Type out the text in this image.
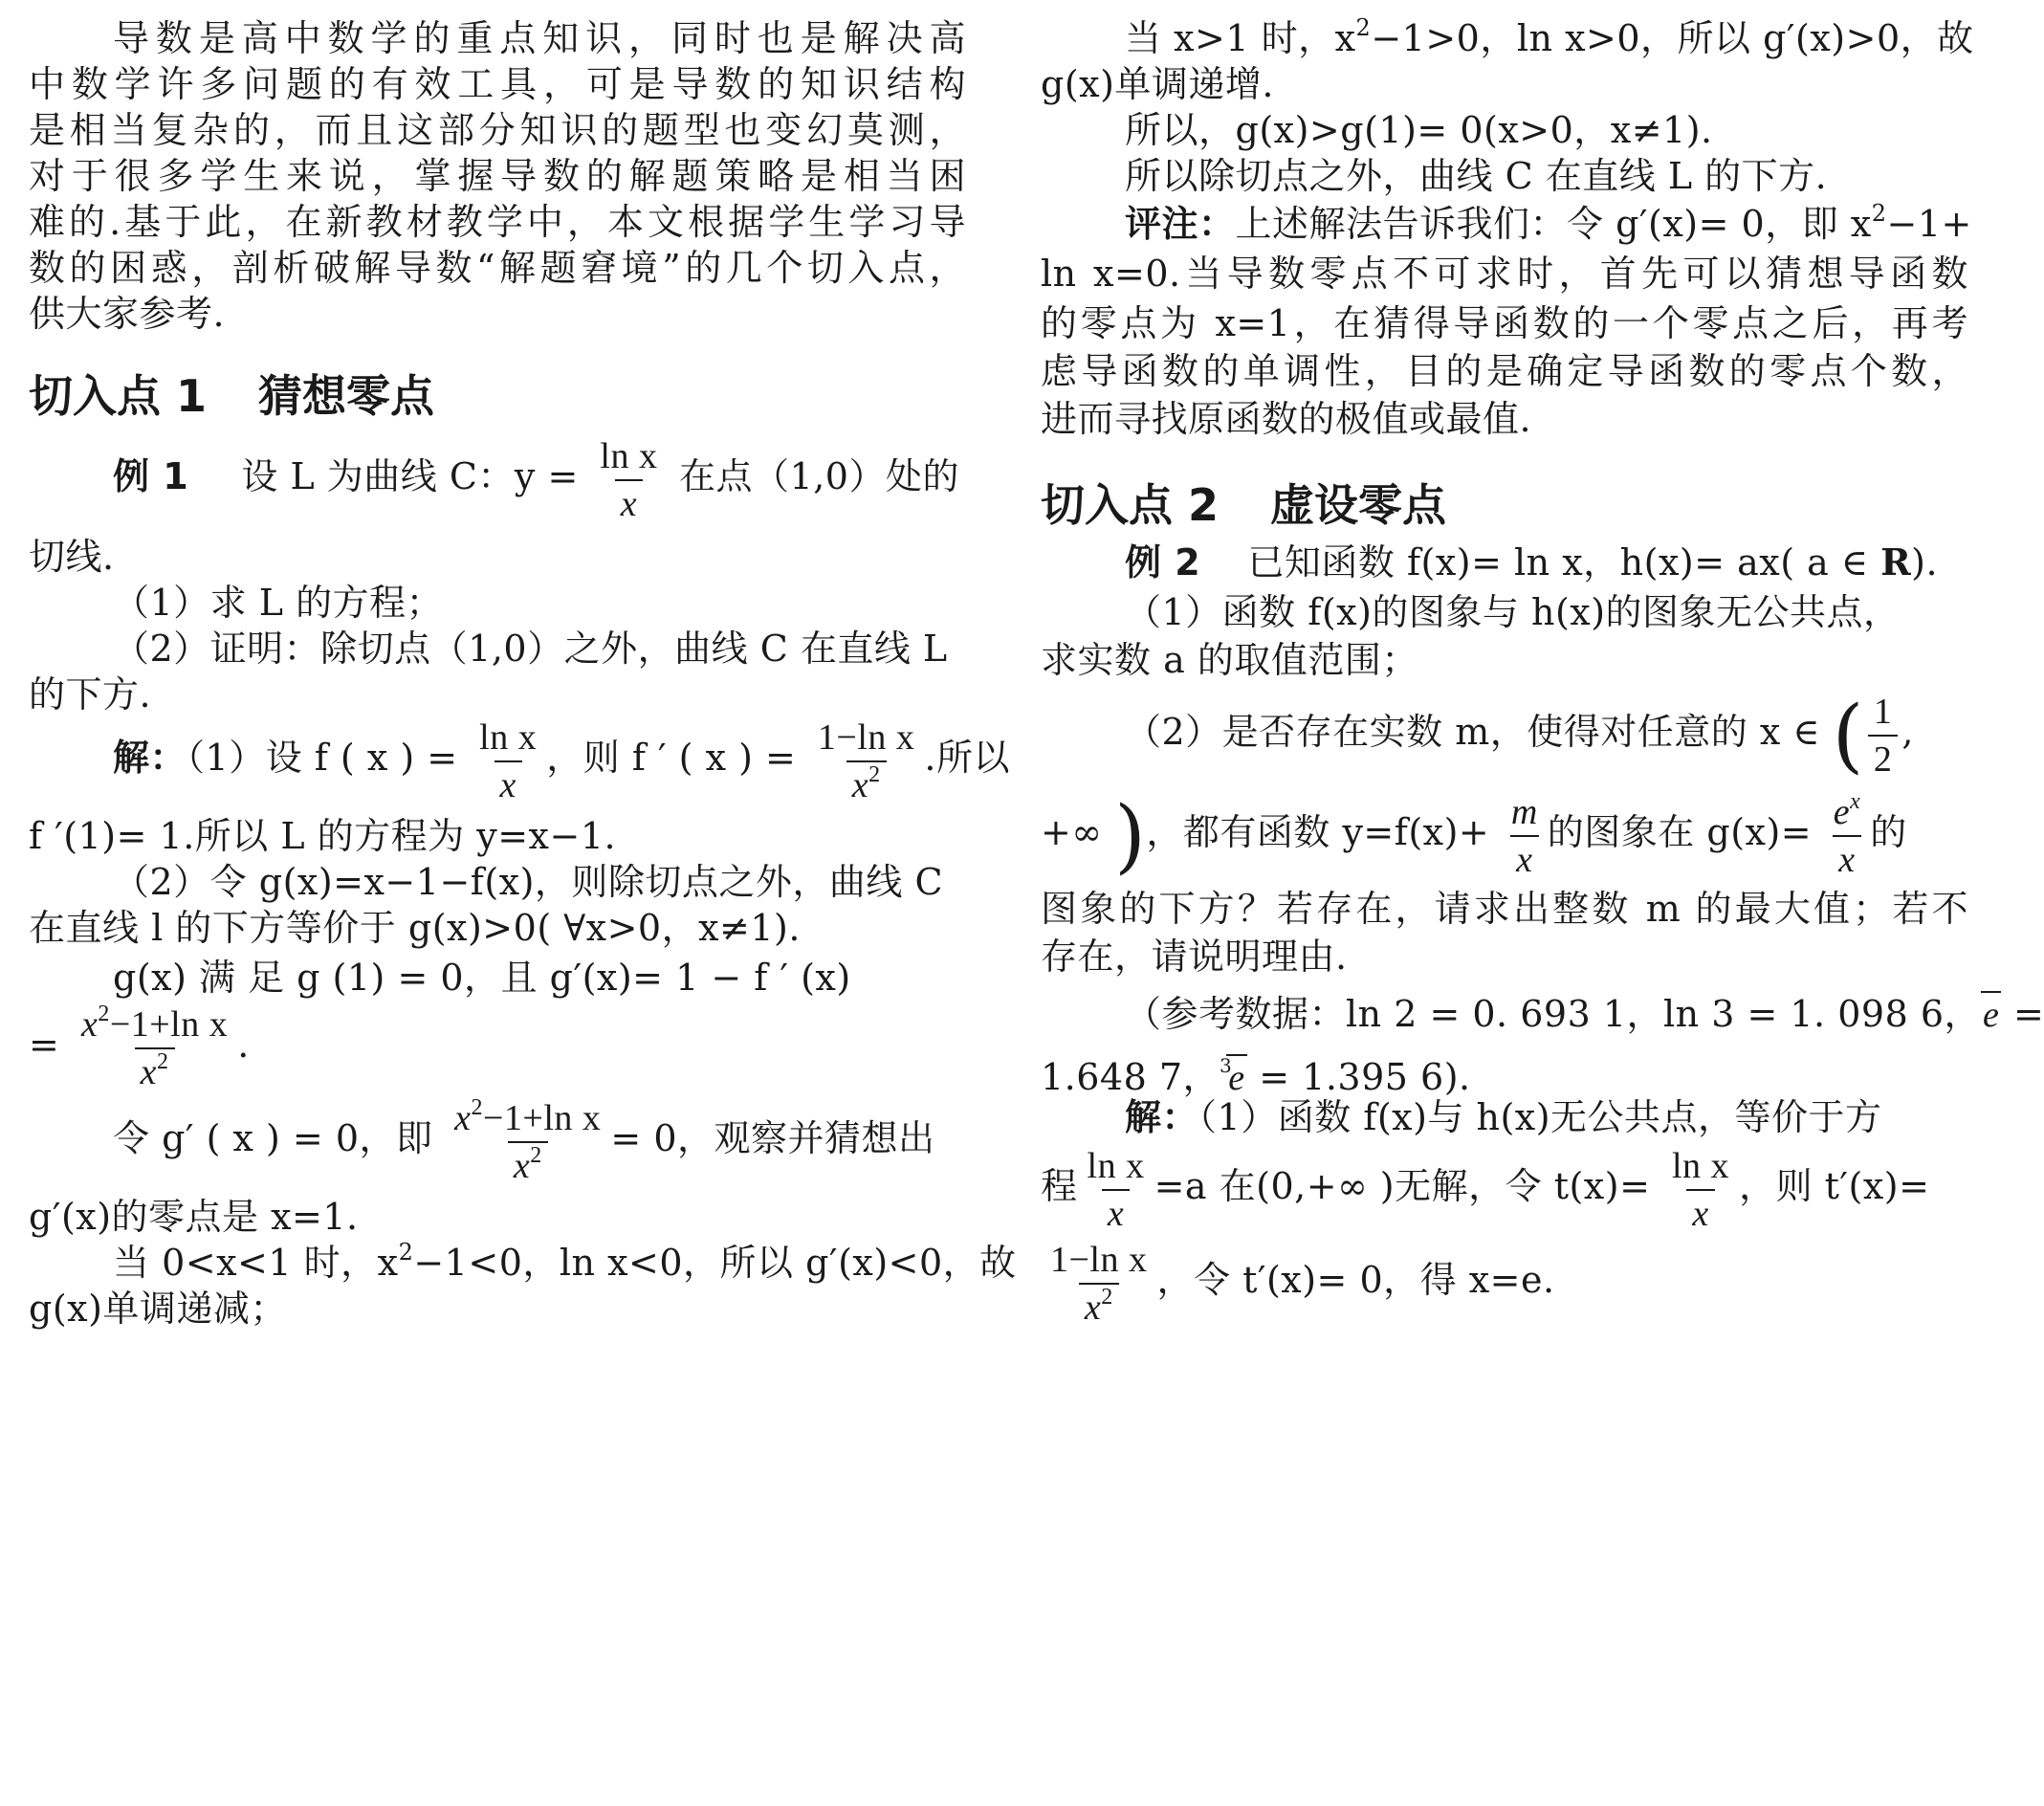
导数是高中数学的重点知识，同时也是解决高
中数学许多问题的有效工具，可是导数的知识结构
是相当复杂的，而且这部分知识的题型也变幻莫测，
对于很多学生来说，掌握导数的解题策略是相当困
难的.基于此，在新教材教学中，本文根据学生学习导
数的困惑，剖析破解导数“解题窘境”的几个切入点，
供大家参考.
切入点 1 猜想零点
例 1 设 L 为曲线 C：$y = \frac{\text{ln x}}{x}$ 在点（1,0）处的
切线.
（1）求 L 的方程；
（2）证明：除切点（1,0）之外，曲线 C 在直线 L
的下方.
解：（1）设 f ( x ) = $\frac{\text{ln x}}{x}$ ，则 f ′ ( x ) = $\frac{\text{1−ln x}}{x^2}$ .所以
f ′(1)= 1.所以 L 的方程为 y=x−1.
（2）令 g(x)=x−1−f(x)，则除切点之外，曲线 C
在直线 l 的下方等价于 g(x)>0( ∀x>0，x≠1).
g(x) 满 足 g (1) = 0，且 g′(x)= 1 − f ′ (x)
= $\frac{x^2-1+\ln x}{x^2}$ .
令 g′ ( x ) = 0，即 $\frac{x^2-1+\ln x}{x^2} = 0$，观察并猜想出
g′(x)的零点是 x=1.
当 0<x<1 时，$x^2-1<0$，ln x<0，所以 g′(x)<0，故
g(x)单调递减；
当 x>1 时，$x^2-1>0$，ln x>0，所以 g′(x)>0，故
g(x)单调递增.
所以，g(x)>g(1)= 0(x>0，x≠1).
所以除切点之外，曲线 C 在直线 L 的下方.
评注：上述解法告诉我们：令 g′(x)= 0，即 $x^2-1+$
ln x=0.当导数零点不可求时，首先可以猜想导函数
的零点为 x=1，在猜得导函数的一个零点之后，再考
虑导函数的单调性，目的是确定导函数的零点个数，
进而寻找原函数的极值或最值.
切入点 2 虚设零点
例 2 已知函数 f(x)= ln x，h(x)= ax( a ∈ R).
（1）函数 f(x)的图象与 h(x)的图象无公共点，
求实数 a 的取值范围；
（2）是否存在实数 m，使得对任意的 x ∈ ( $\frac{1}{2}$ ,
+∞ )，都有函数 $y=f(x)+ \frac{m}{x}$ 的图象在 $g(x)= \frac{e^x}{x}$ 的
图象的下方？若存在，请求出整数 m 的最大值；若不
存在，请说明理由.
（参考数据：ln 2 = 0. 693 1，ln 3 = 1. 098 6，e =
1.648 7，$^3$e = 1.395 6).
解：（1）函数 f(x)与 h(x)无公共点，等价于方
程 $\frac{\text{ln x}}{x} =a$ 在(0,+∞ )无解，令 $t(x)= \frac{\text{ln x}}{x}$ ，则 t′(x)=
$\frac{\text{1−ln x}}{x^2}$ ，令 t′(x)= 0，得 x=e.
